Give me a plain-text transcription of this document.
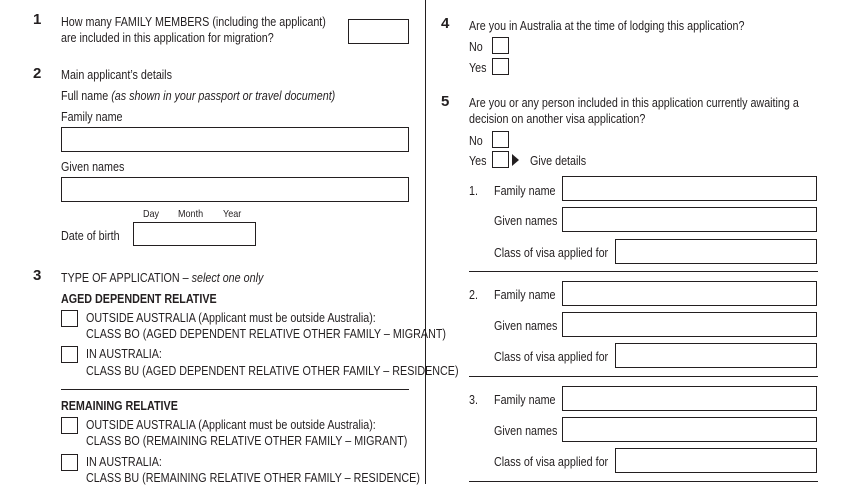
1 How many FAMILY MEMBERS (including the applicant)
are included in this application for migration?
2 Main applicant’s details
Full name (as shown in your passport or travel document)
Family name
Given names
Day Month Year
Date of birth
3 TYPE OF APPLICATION – select one only
AGED DEPENDENT RELATIVE
OUTSIDE AUSTRALIA (Applicant must be outside Australia):
CLASS BO (AGED DEPENDENT RELATIVE OTHER FAMILY – MIGRANT)
IN AUSTRALIA:
CLASS BU (AGED DEPENDENT RELATIVE OTHER FAMILY – RESIDENCE)
REMAINING RELATIVE
OUTSIDE AUSTRALIA (Applicant must be outside Australia):
CLASS BO (REMAINING RELATIVE OTHER FAMILY – MIGRANT)
IN AUSTRALIA:
CLASS BU (REMAINING RELATIVE OTHER FAMILY – RESIDENCE)
4 Are you in Australia at the time of lodging this application?
No
Yes
5 Are you or any person included in this application currently awaiting a
decision on another visa application?
No
Yes	Give details
1. Family name
Given names
Class of visa applied for
2. Family name
Given names
Class of visa applied for
3. Family name
Given names
Class of visa applied for
